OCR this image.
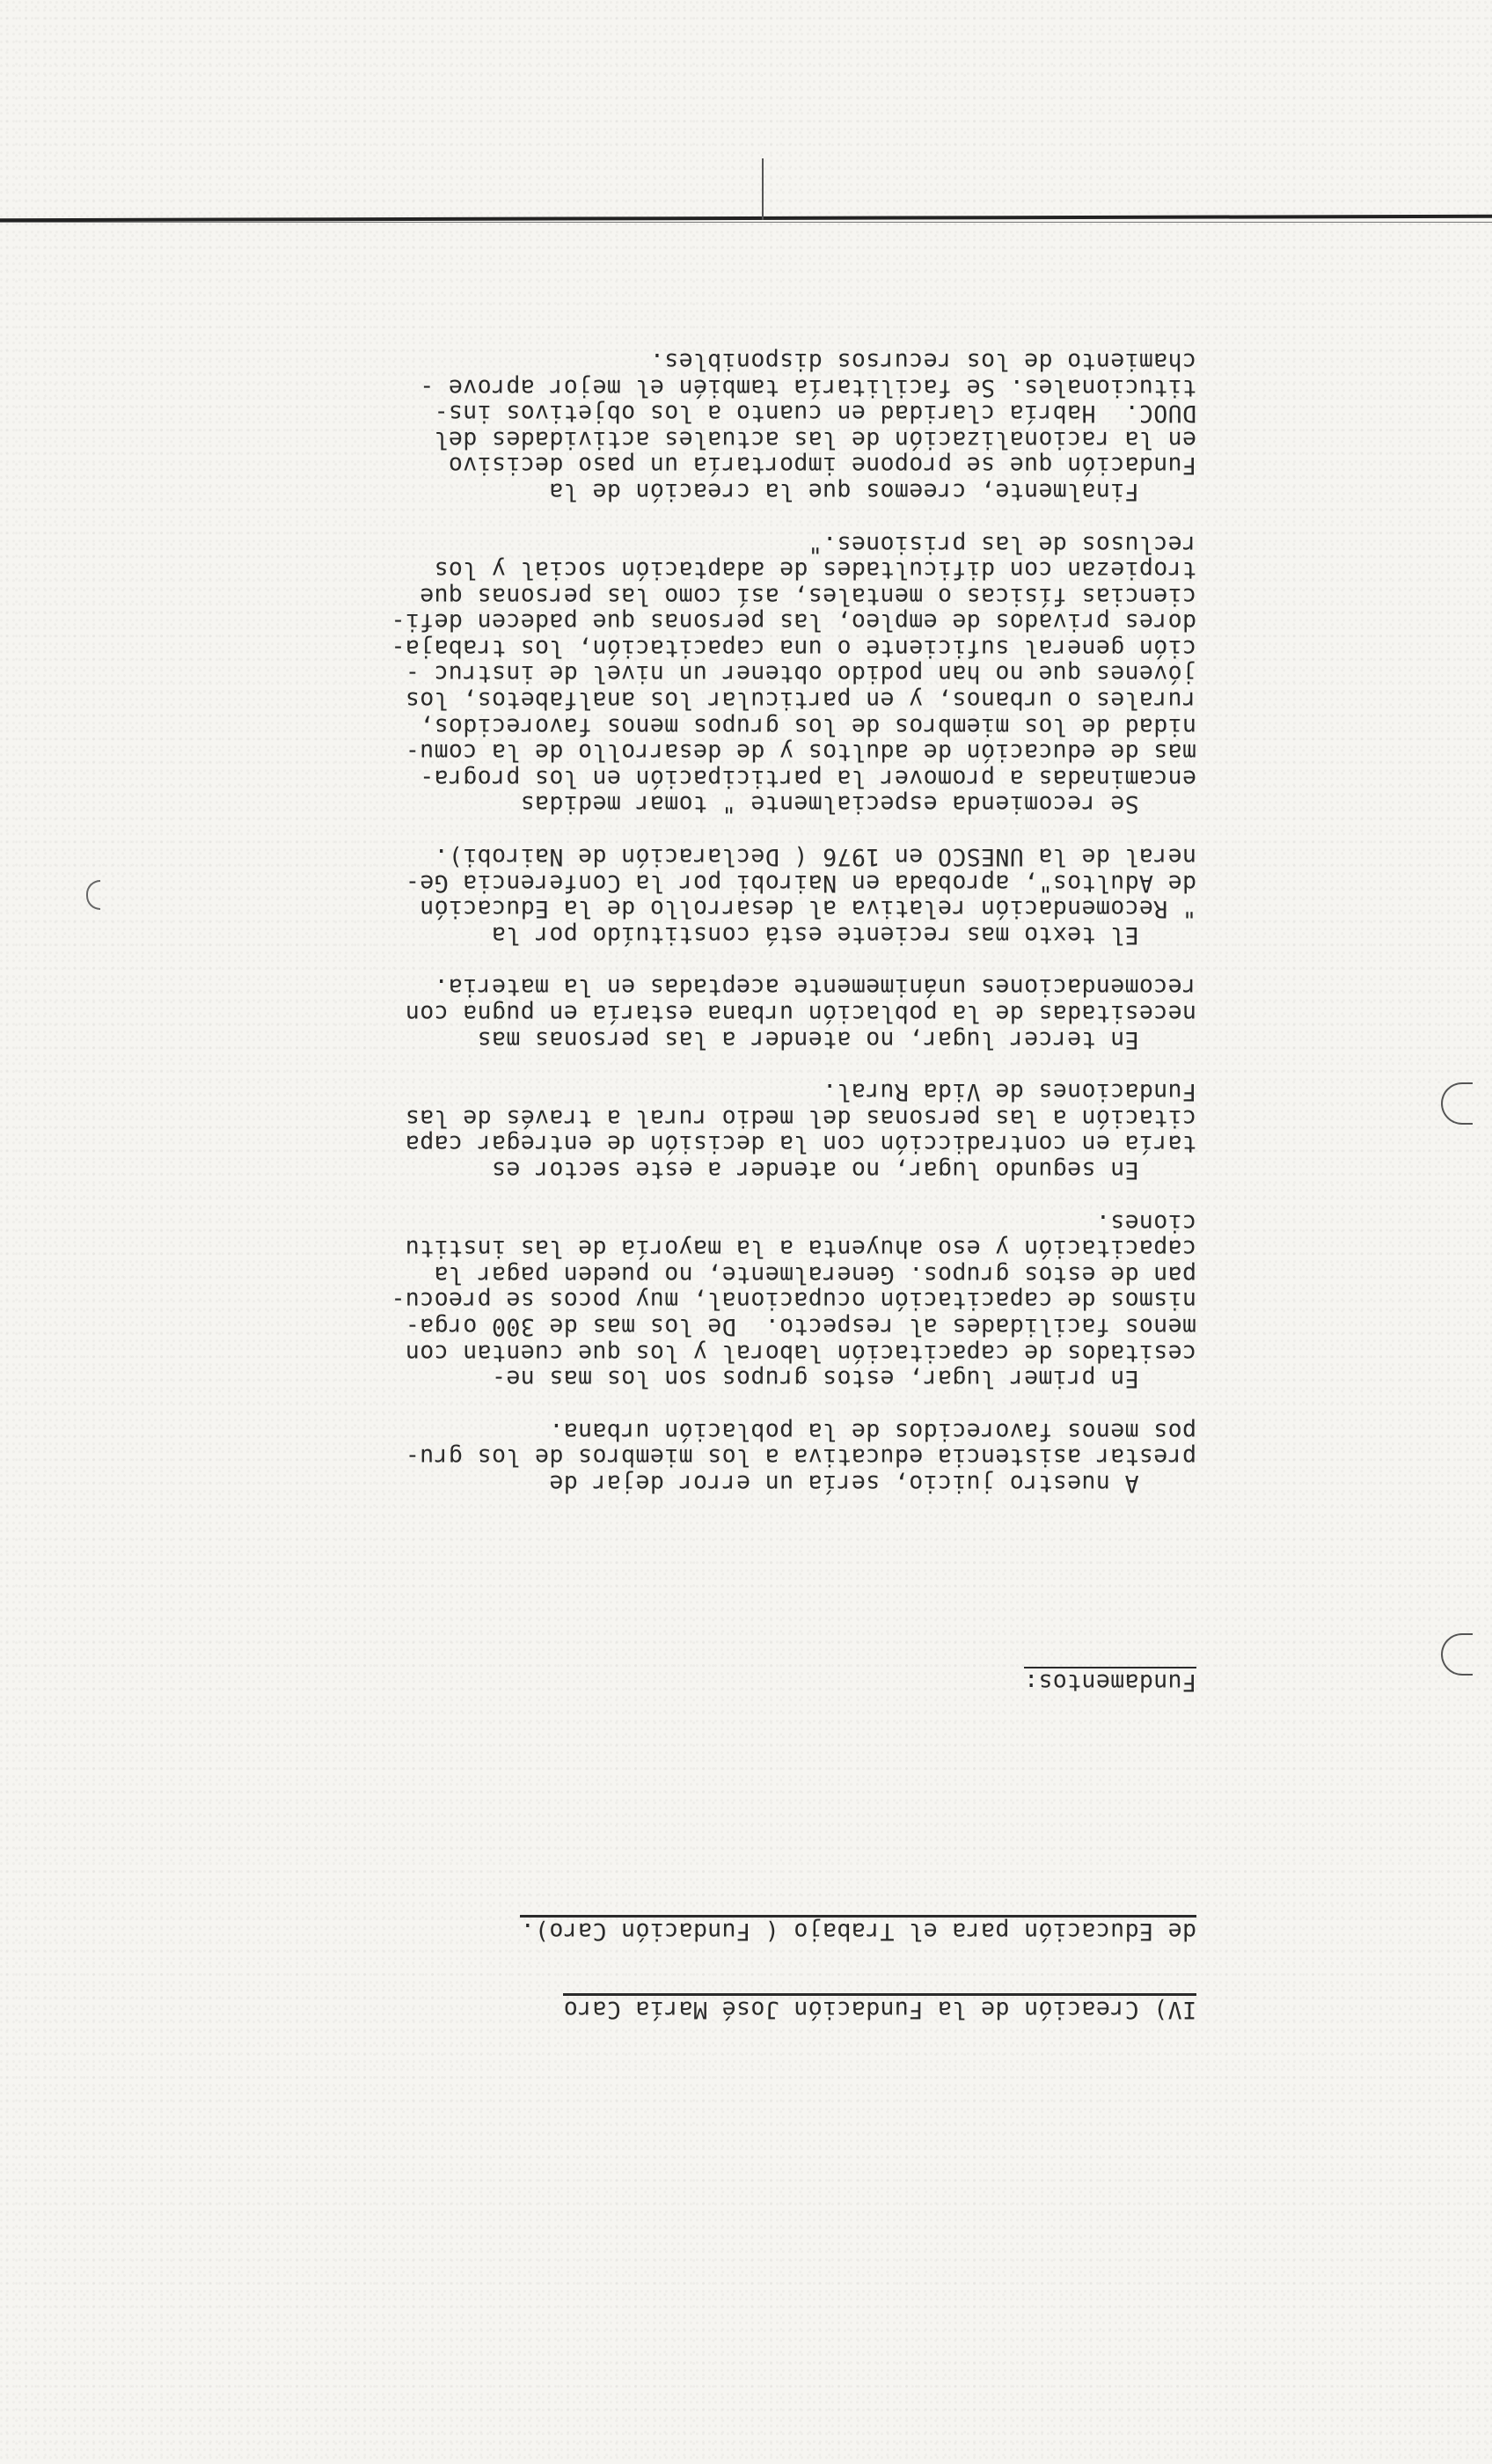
IV) Creación de la Fundación José María Caro

de Educación para el Trabajo ( Fundación Caro).

Fundamentos:

A nuestro juicio, sería un error dejar de
prestar asistencia educativa a los miembros de los gru-
pos menos favorecidos de la población urbana.
En primer lugar, estos grupos son los mas ne-
cesitados de capacitación laboral y los que cuentan con
menos facilidades al respecto.  De los mas de 300 orga-
nismos de capacitación ocupacional, muy pocos se preocu-
pan de estos grupos. Generalmente, no pueden pagar la
capacitación y eso ahuyenta a la mayoría de las institu
ciones.
En segundo lugar, no atender a este sector es
taría en contradicción con la decisión de entregar capa
citación a las personas del medio rural a través de las
Fundaciones de Vida Rural.
En tercer lugar, no atender a las personas mas
necesitadas de la población urbana estaría en pugna con
recomendaciones unánimemente aceptadas en la materia.
El texto mas reciente está constituído por la
" Recomendación relativa al desarrollo de la Educación
de Adultos", aprobada en Nairobi por la Conferencia Ge-
neral de la UNESCO en 1976 ( Declaración de Nairobi).
Se recomienda especialmente " tomar medidas
encaminadas a promover la participación en los progra-
mas de educación de adultos y de desarrollo de la comu-
nidad de los miembros de los grupos menos favorecidos,
rurales o urbanos, y en particular los analfabetos, los
jóvenes que no han podido obtener un nivel de instruc -
ción general suficiente o una capacitación, los trabaja-
dores privados de empleo, las personas que padecen defi-
ciencias físicas o mentales, así como las personas que
tropiezan con dificultades de adaptación social y los
reclusos de las prisiones."
Finalmente, creemos que la creación de la
Fundación que se propone importaría un paso decisivo
en la racionalización de las actuales actividades del
DUOC.  Habría claridad en cuanto a los objetivos ins-
titucionales. Se facilitaría también el mejor aprove -
chamiento de los recursos disponibles.
